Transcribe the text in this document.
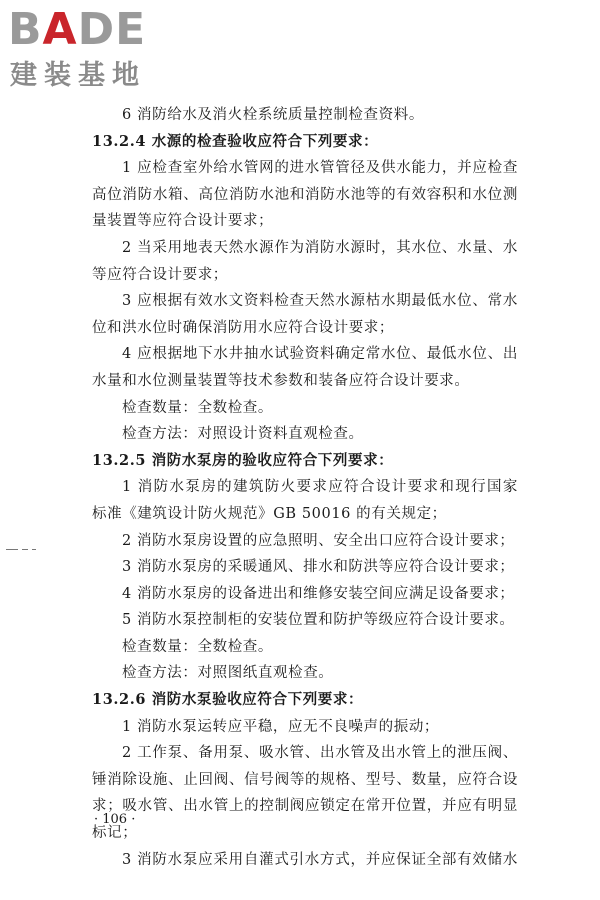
BADE
建装基地
6 消防给水及消火栓系统质量控制检查资料。
13.2.4 水源的检查验收应符合下列要求：
1 应检查室外给水管网的进水管管径及供水能力，并应检查
高位消防水箱、高位消防水池和消防水池等的有效容积和水位测
量装置等应符合设计要求；
2 当采用地表天然水源作为消防水源时，其水位、水量、水
等应符合设计要求；
3 应根据有效水文资料检查天然水源枯水期最低水位、常水
位和洪水位时确保消防用水应符合设计要求；
4 应根据地下水井抽水试验资料确定常水位、最低水位、出
水量和水位测量装置等技术参数和装备应符合设计要求。
检查数量：全数检查。
检查方法：对照设计资料直观检查。
13.2.5 消防水泵房的验收应符合下列要求：
1 消防水泵房的建筑防火要求应符合设计要求和现行国家
标准《建筑设计防火规范》GB 50016 的有关规定；
2 消防水泵房设置的应急照明、安全出口应符合设计要求；
3 消防水泵房的采暖通风、排水和防洪等应符合设计要求；
4 消防水泵房的设备进出和维修安装空间应满足设备要求；
5 消防水泵控制柜的安装位置和防护等级应符合设计要求。
检查数量：全数检查。
检查方法：对照图纸直观检查。
13.2.6 消防水泵验收应符合下列要求：
1 消防水泵运转应平稳，应无不良噪声的振动；
2 工作泵、备用泵、吸水管、出水管及出水管上的泄压阀、
锤消除设施、止回阀、信号阀等的规格、型号、数量，应符合设
求；吸水管、出水管上的控制阀应锁定在常开位置，并应有明显
标记；
3 消防水泵应采用自灌式引水方式，并应保证全部有效储水
· 106 ·
